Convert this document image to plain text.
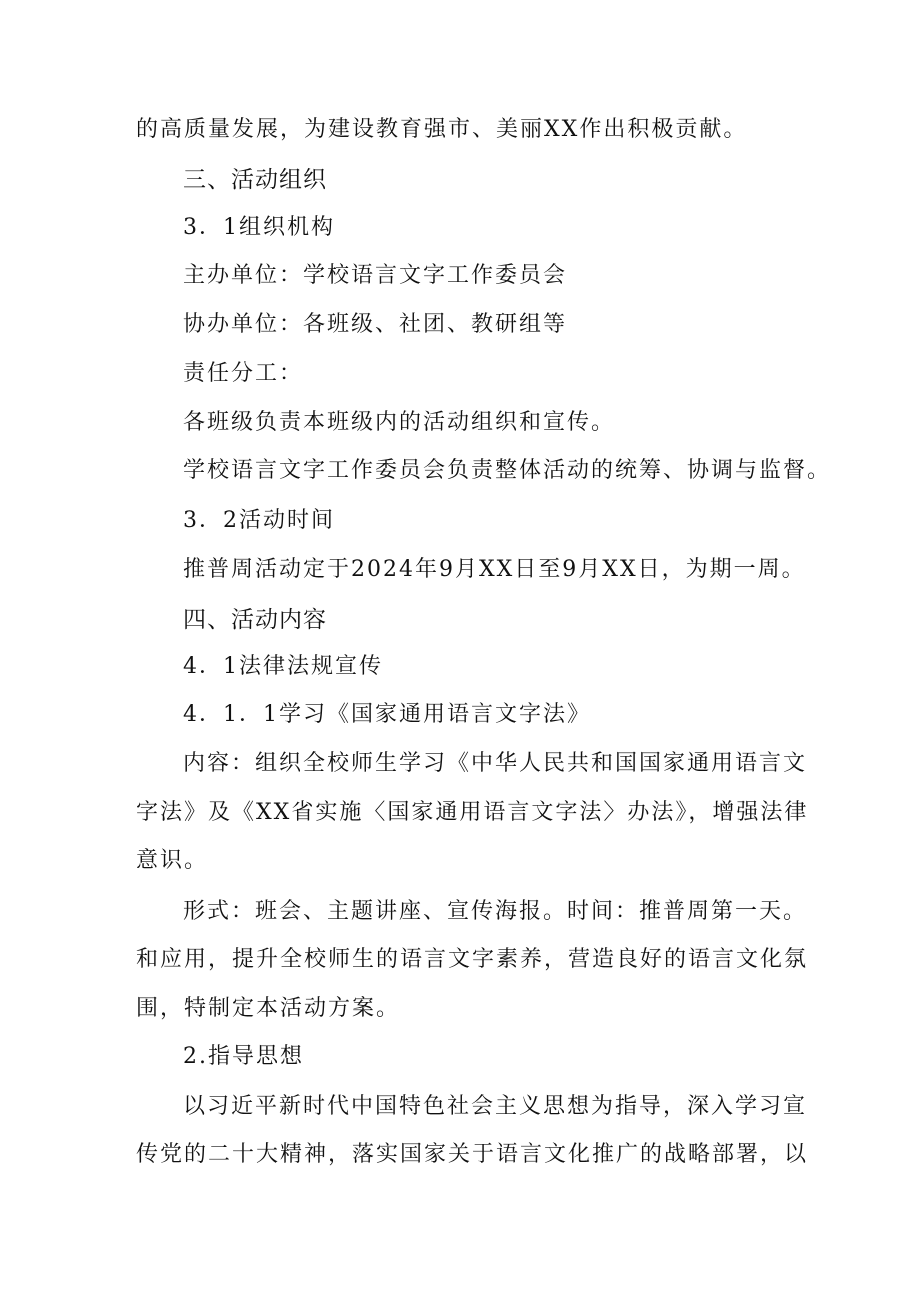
的高质量发展，为建设教育强市、美丽XX作出积极贡献。
三、活动组织
3．1组织机构
主办单位：学校语言文字工作委员会
协办单位：各班级、社团、教研组等
责任分工：
各班级负责本班级内的活动组织和宣传。
学校语言文字工作委员会负责整体活动的统筹、协调与监督。
3．2活动时间
推普周活动定于2024年9月XX日至9月XX日，为期一周。
四、活动内容
4．1法律法规宣传
4．1．1学习《国家通用语言文字法》
内容：组织全校师生学习《中华人民共和国国家通用语言文
字法》及《XX省实施〈国家通用语言文字法〉办法》，增强法律
意识。
形式：班会、主题讲座、宣传海报。时间：推普周第一天。
和应用，提升全校师生的语言文字素养，营造良好的语言文化氛
围，特制定本活动方案。
2.指导思想
以习近平新时代中国特色社会主义思想为指导，深入学习宣
传党的二十大精神，落实国家关于语言文化推广的战略部署，以
